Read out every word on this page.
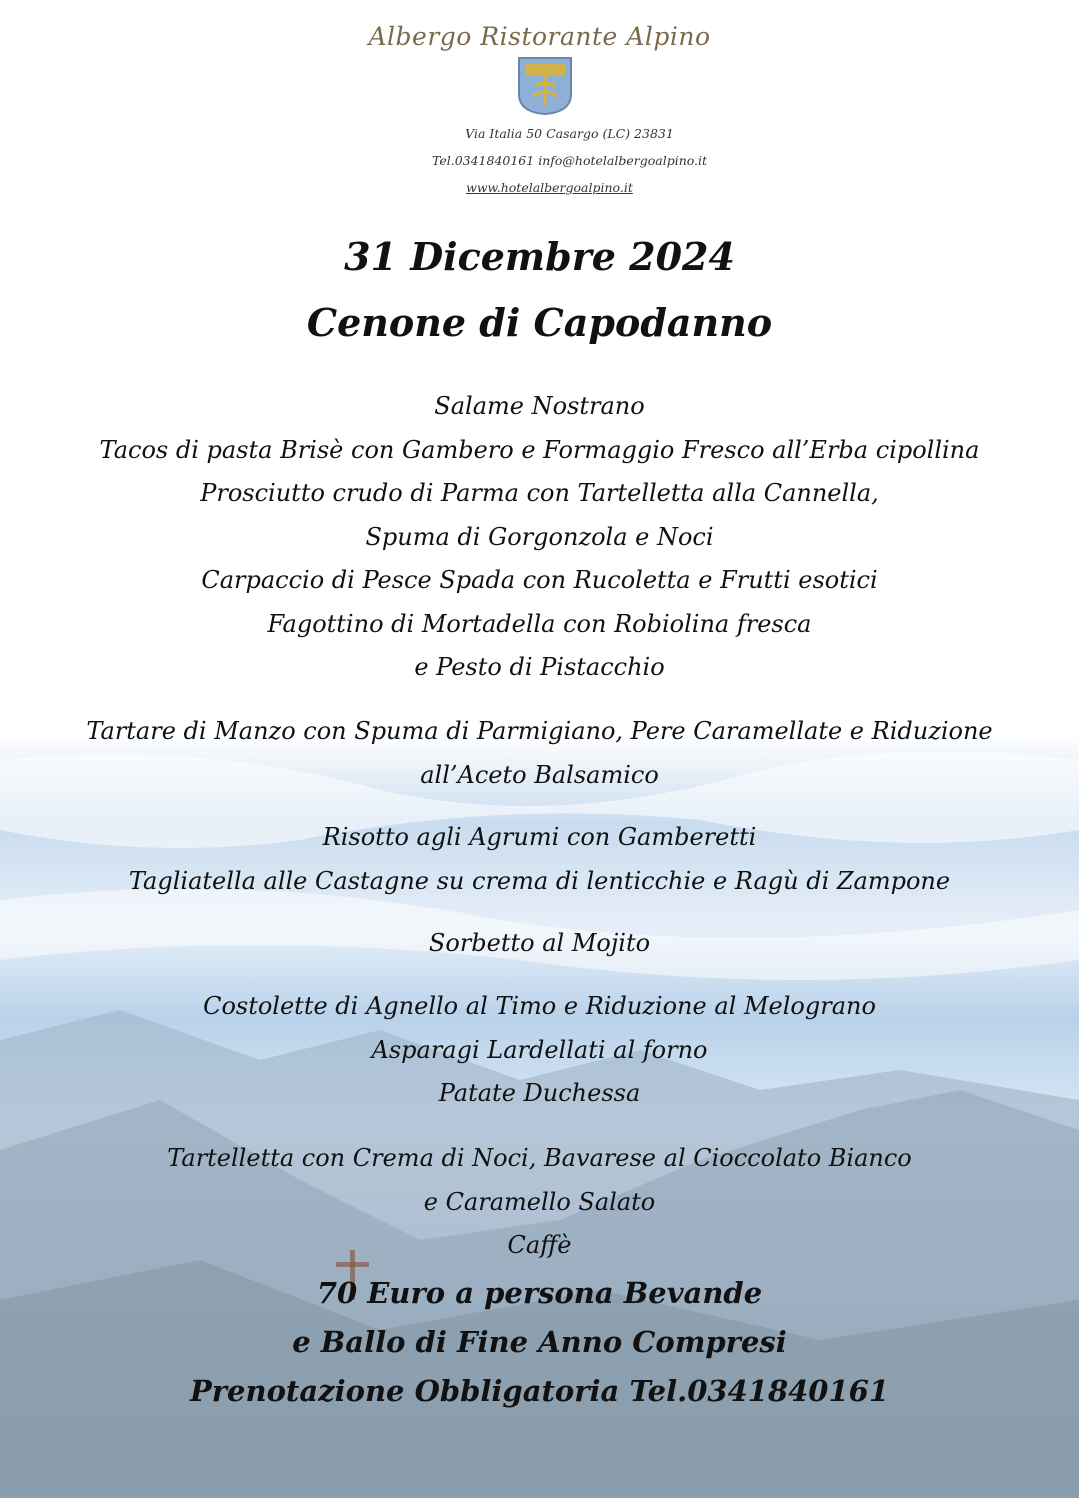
Albergo Ristorante Alpino
Via Italia 50 Casargo (LC) 23831
Tel.0341840161 info@hotelalbergoalpino.it
www.hotelalbergoalpino.it
31 Dicembre 2024
Cenone di Capodanno
Salame Nostrano
Tacos di pasta Brisè con Gambero e Formaggio Fresco all’Erba cipollina
Prosciutto crudo di Parma con Tartelletta alla Cannella,
Spuma di Gorgonzola e Noci
Carpaccio di Pesce Spada con Rucoletta e Frutti esotici
Fagottino di Mortadella con Robiolina fresca
e Pesto di Pistacchio
Tartare di Manzo con Spuma di Parmigiano, Pere Caramellate e Riduzione
all’Aceto Balsamico
Risotto agli Agrumi con Gamberetti
Tagliatella alle Castagne su crema di lenticchie e Ragù di Zampone
Sorbetto al Mojito
Costolette di Agnello al Timo e Riduzione al Melograno
Asparagi Lardellati al forno
Patate Duchessa
Tartelletta con Crema di Noci, Bavarese al Cioccolato Bianco
e Caramello Salato
Caffè
70 Euro a persona Bevande
e Ballo di Fine Anno Compresi
Prenotazione Obbligatoria Tel.0341840161
